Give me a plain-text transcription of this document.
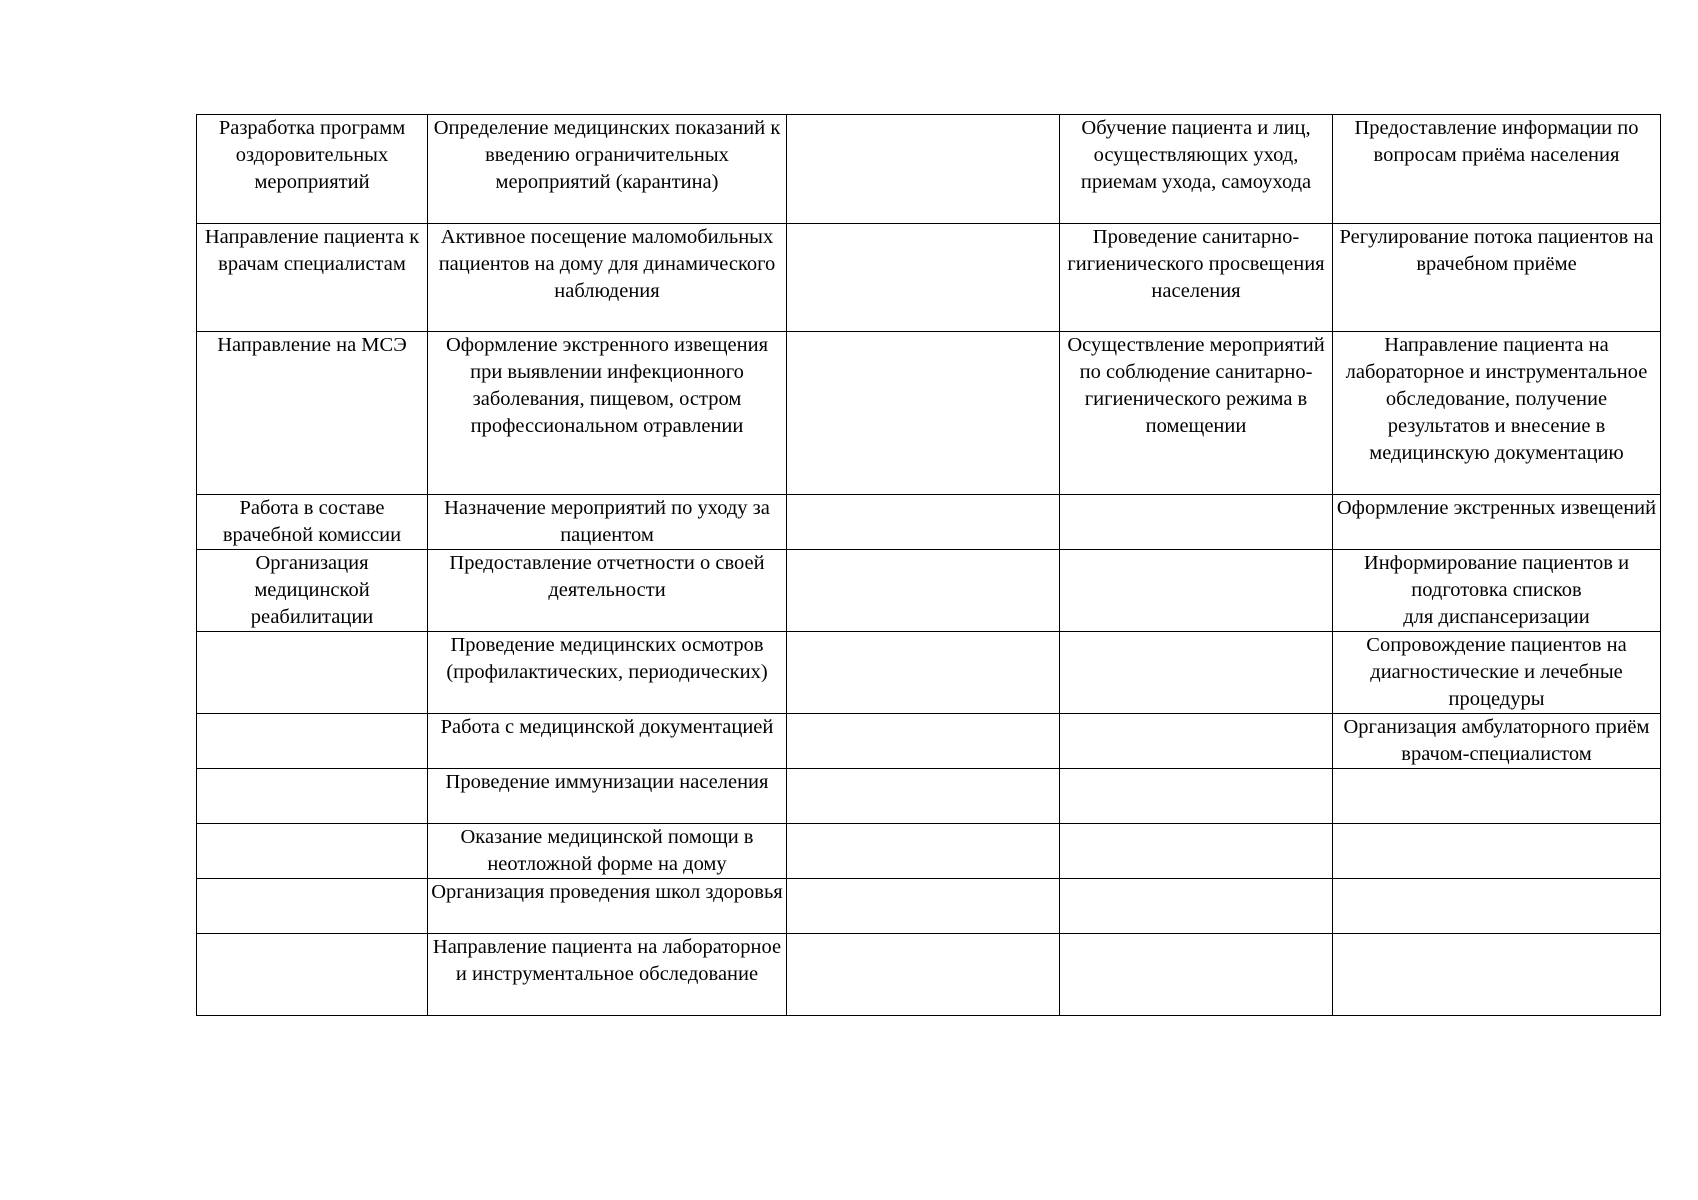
Разработка программ оздоровительных мероприятий	Определение медицинских показаний к введению ограничительных мероприятий (карантина)		Обучение пациента и лиц, осуществляющих уход, приемам ухода, самоухода	Предоставление информации по вопросам приёма населения
Направление пациента к врачам специалистам	Активное посещение маломобильных пациентов на дому для динамического наблюдения		Проведение санитарно-гигиенического просвещения населения	Регулирование потока пациентов на врачебном приёме
Направление на МСЭ	Оформление экстренного извещения при выявлении инфекционного заболевания, пищевом, остром профессиональном отравлении		Осуществление мероприятий по соблюдение санитарно-гигиенического режима в помещении	Направление пациента на лабораторное и инструментальное обследование, получение результатов и внесение в медицинскую документацию
Работа в составе врачебной комиссии	Назначение мероприятий по уходу за пациентом			Оформление экстренных извещений
Организация медицинской реабилитации	Предоставление отчетности о своей деятельности			Информирование пациентов и подготовка списков
для диспансеризации
	Проведение медицинских осмотров (профилактических, периодических)			Сопровождение пациентов на диагностические и лечебные процедуры
	Работа с медицинской документацией			Организация амбулаторного приём врачом-специалистом
	Проведение иммунизации населения			
	Оказание медицинской помощи в неотложной форме на дому			
	Организация проведения школ здоровья			
	Направление пациента на лабораторное и инструментальное обследование			
